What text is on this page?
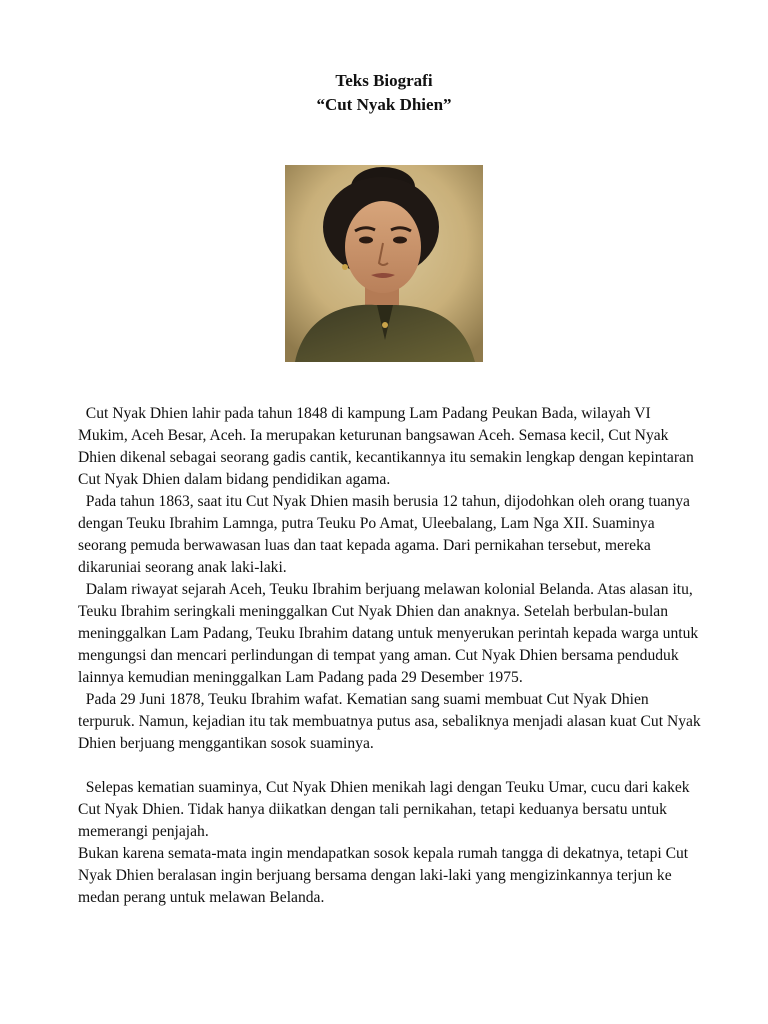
Teks Biografi
“Cut Nyak Dhien”

Cut Nyak Dhien lahir pada tahun 1848 di kampung Lam Padang Peukan Bada, wilayah VI Mukim, Aceh Besar, Aceh. Ia merupakan keturunan bangsawan Aceh. Semasa kecil, Cut Nyak Dhien dikenal sebagai seorang gadis cantik, kecantikannya itu semakin lengkap dengan kepintaran Cut Nyak Dhien dalam bidang pendidikan agama.

Pada tahun 1863, saat itu Cut Nyak Dhien masih berusia 12 tahun, dijodohkan oleh orang tuanya dengan Teuku Ibrahim Lamnga, putra Teuku Po Amat, Uleebalang, Lam Nga XII. Suaminya seorang pemuda berwawasan luas dan taat kepada agama. Dari pernikahan tersebut, mereka dikaruniai seorang anak laki-laki.

Dalam riwayat sejarah Aceh, Teuku Ibrahim berjuang melawan kolonial Belanda. Atas alasan itu, Teuku Ibrahim seringkali meninggalkan Cut Nyak Dhien dan anaknya. Setelah berbulan-bulan meninggalkan Lam Padang, Teuku Ibrahim datang untuk menyerukan perintah kepada warga untuk mengungsi dan mencari perlindungan di tempat yang aman. Cut Nyak Dhien bersama penduduk lainnya kemudian meninggalkan Lam Padang pada 29 Desember 1975.

Pada 29 Juni 1878, Teuku Ibrahim wafat. Kematian sang suami membuat Cut Nyak Dhien terpuruk. Namun, kejadian itu tak membuatnya putus asa, sebaliknya menjadi alasan kuat Cut Nyak Dhien berjuang menggantikan sosok suaminya.

Selepas kematian suaminya, Cut Nyak Dhien menikah lagi dengan Teuku Umar, cucu dari kakek Cut Nyak Dhien. Tidak hanya diikatkan dengan tali pernikahan, tetapi keduanya bersatu untuk memerangi penjajah.

Bukan karena semata-mata ingin mendapatkan sosok kepala rumah tangga di dekatnya, tetapi Cut Nyak Dhien beralasan ingin berjuang bersama dengan laki-laki yang mengizinkannya terjun ke medan perang untuk melawan Belanda.
